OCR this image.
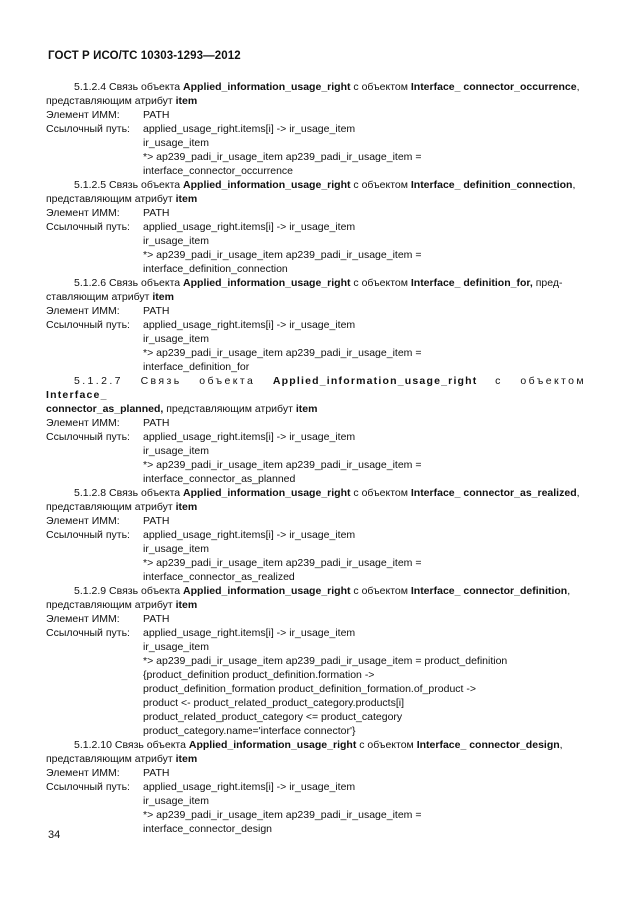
ГОСТ Р ИСО/ТС 10303-1293—2012

5.1.2.4 Связь объекта Applied_information_usage_right с объектом Interface_ connector_occurrence,

представляющим атрибут item
Элемент ИММ:	PATH
Ссылочный путь:	applied_usage_right.items[i] -> ir_usage_item
ir_usage_item
*> ap239_padi_ir_usage_item ap239_padi_ir_usage_item =
interface_connector_occurrence

5.1.2.5 Связь объекта Applied_information_usage_right с объектом Interface_ definition_connection,

представляющим атрибут item
Элемент ИММ:	PATH
Ссылочный путь:	applied_usage_right.items[i] -> ir_usage_item
ir_usage_item
*> ap239_padi_ir_usage_item ap239_padi_ir_usage_item =
interface_definition_connection

5.1.2.6 Связь объекта Applied_information_usage_right с объектом Interface_ definition_for, пред-

ставляющим атрибут item
Элемент ИММ:	PATH
Ссылочный путь:	applied_usage_right.items[i] -> ir_usage_item
ir_usage_item
*> ap239_padi_ir_usage_item ap239_padi_ir_usage_item =
interface_definition_for

5.1.2.7 Связь объекта Applied_information_usage_right с объектом Interface_

connector_as_planned, представляющим атрибут item
Элемент ИММ:	PATH
Ссылочный путь:	applied_usage_right.items[i] -> ir_usage_item
ir_usage_item
*> ap239_padi_ir_usage_item ap239_padi_ir_usage_item =
interface_connector_as_planned

5.1.2.8 Связь объекта Applied_information_usage_right с объектом Interface_ connector_as_realized,

представляющим атрибут item
Элемент ИММ:	PATH
Ссылочный путь:	applied_usage_right.items[i] -> ir_usage_item
ir_usage_item
*> ap239_padi_ir_usage_item ap239_padi_ir_usage_item =
interface_connector_as_realized

5.1.2.9 Связь объекта Applied_information_usage_right с объектом Interface_ connector_definition,

представляющим атрибут item
Элемент ИММ:	PATH
Ссылочный путь:	applied_usage_right.items[i] -> ir_usage_item
ir_usage_item
*> ap239_padi_ir_usage_item ap239_padi_ir_usage_item = product_definition
{product_definition product_definition.formation ->
product_definition_formation product_definition_formation.of_product ->
product <- product_related_product_category.products[i]
product_related_product_category <= product_category
product_category.name='interface connector'}

5.1.2.10 Связь объекта Applied_information_usage_right с объектом Interface_ connector_design,

представляющим атрибут item
Элемент ИММ:	PATH
Ссылочный путь:	applied_usage_right.items[i] -> ir_usage_item
ir_usage_item
*> ap239_padi_ir_usage_item ap239_padi_ir_usage_item =
interface_connector_design
34
